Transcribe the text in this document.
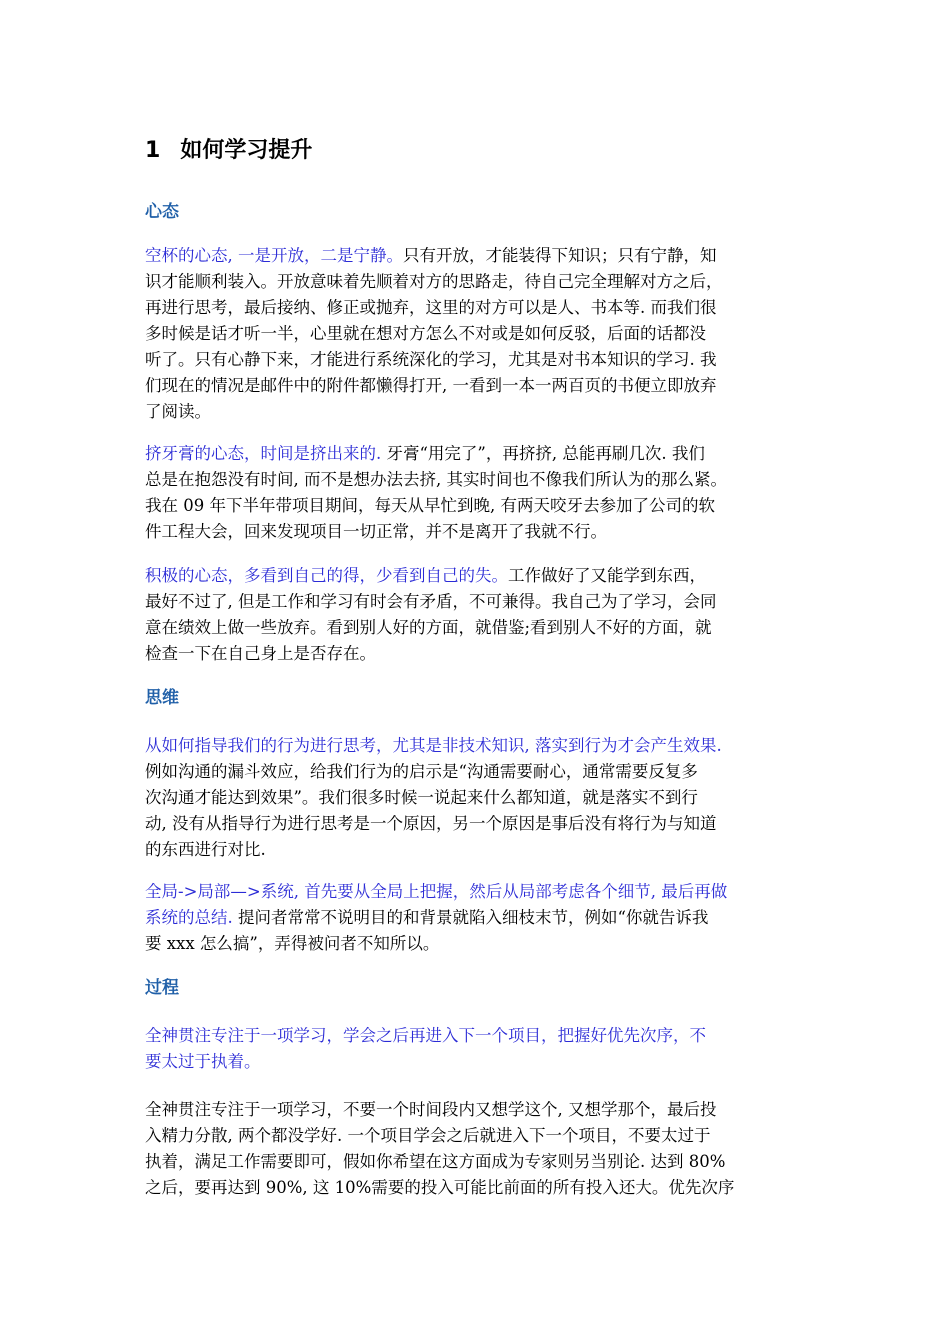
1 如何学习提升
心态
空杯的心态, 一是开放，二是宁静。只有开放，才能装得下知识；只有宁静，知
识才能顺利装入。开放意味着先顺着对方的思路走，待自己完全理解对方之后，
再进行思考，最后接纳、修正或抛弃，这里的对方可以是人、书本等. 而我们很
多时候是话才听一半，心里就在想对方怎么不对或是如何反驳，后面的话都没
听了。只有心静下来，才能进行系统深化的学习，尤其是对书本知识的学习. 我
们现在的情况是邮件中的附件都懒得打开, 一看到一本一两百页的书便立即放弃
了阅读。
挤牙膏的心态，时间是挤出来的. 牙膏“用完了”，再挤挤, 总能再刷几次. 我们
总是在抱怨没有时间, 而不是想办法去挤, 其实时间也不像我们所认为的那么紧。
我在 09 年下半年带项目期间，每天从早忙到晚, 有两天咬牙去参加了公司的软
件工程大会，回来发现项目一切正常，并不是离开了我就不行。
积极的心态，多看到自己的得，少看到自己的失。工作做好了又能学到东西，
最好不过了, 但是工作和学习有时会有矛盾，不可兼得。我自己为了学习，会同
意在绩效上做一些放弃。看到别人好的方面，就借鉴;看到别人不好的方面，就
检查一下在自己身上是否存在。
思维
从如何指导我们的行为进行思考，尤其是非技术知识, 落实到行为才会产生效果.
例如沟通的漏斗效应，给我们行为的启示是“沟通需要耐心，通常需要反复多
次沟通才能达到效果”。我们很多时候一说起来什么都知道，就是落实不到行
动, 没有从指导行为进行思考是一个原因，另一个原因是事后没有将行为与知道
的东西进行对比.
全局->局部—>系统, 首先要从全局上把握，然后从局部考虑各个细节, 最后再做
系统的总结. 提问者常常不说明目的和背景就陷入细枝末节，例如“你就告诉我
要 xxx 怎么搞”，弄得被问者不知所以。
过程
全神贯注专注于一项学习，学会之后再进入下一个项目，把握好优先次序，不
要太过于执着。
全神贯注专注于一项学习，不要一个时间段内又想学这个, 又想学那个，最后投
入精力分散, 两个都没学好. 一个项目学会之后就进入下一个项目，不要太过于
执着，满足工作需要即可，假如你希望在这方面成为专家则另当别论. 达到 80%
之后，要再达到 90%, 这 10%需要的投入可能比前面的所有投入还大。优先次序
